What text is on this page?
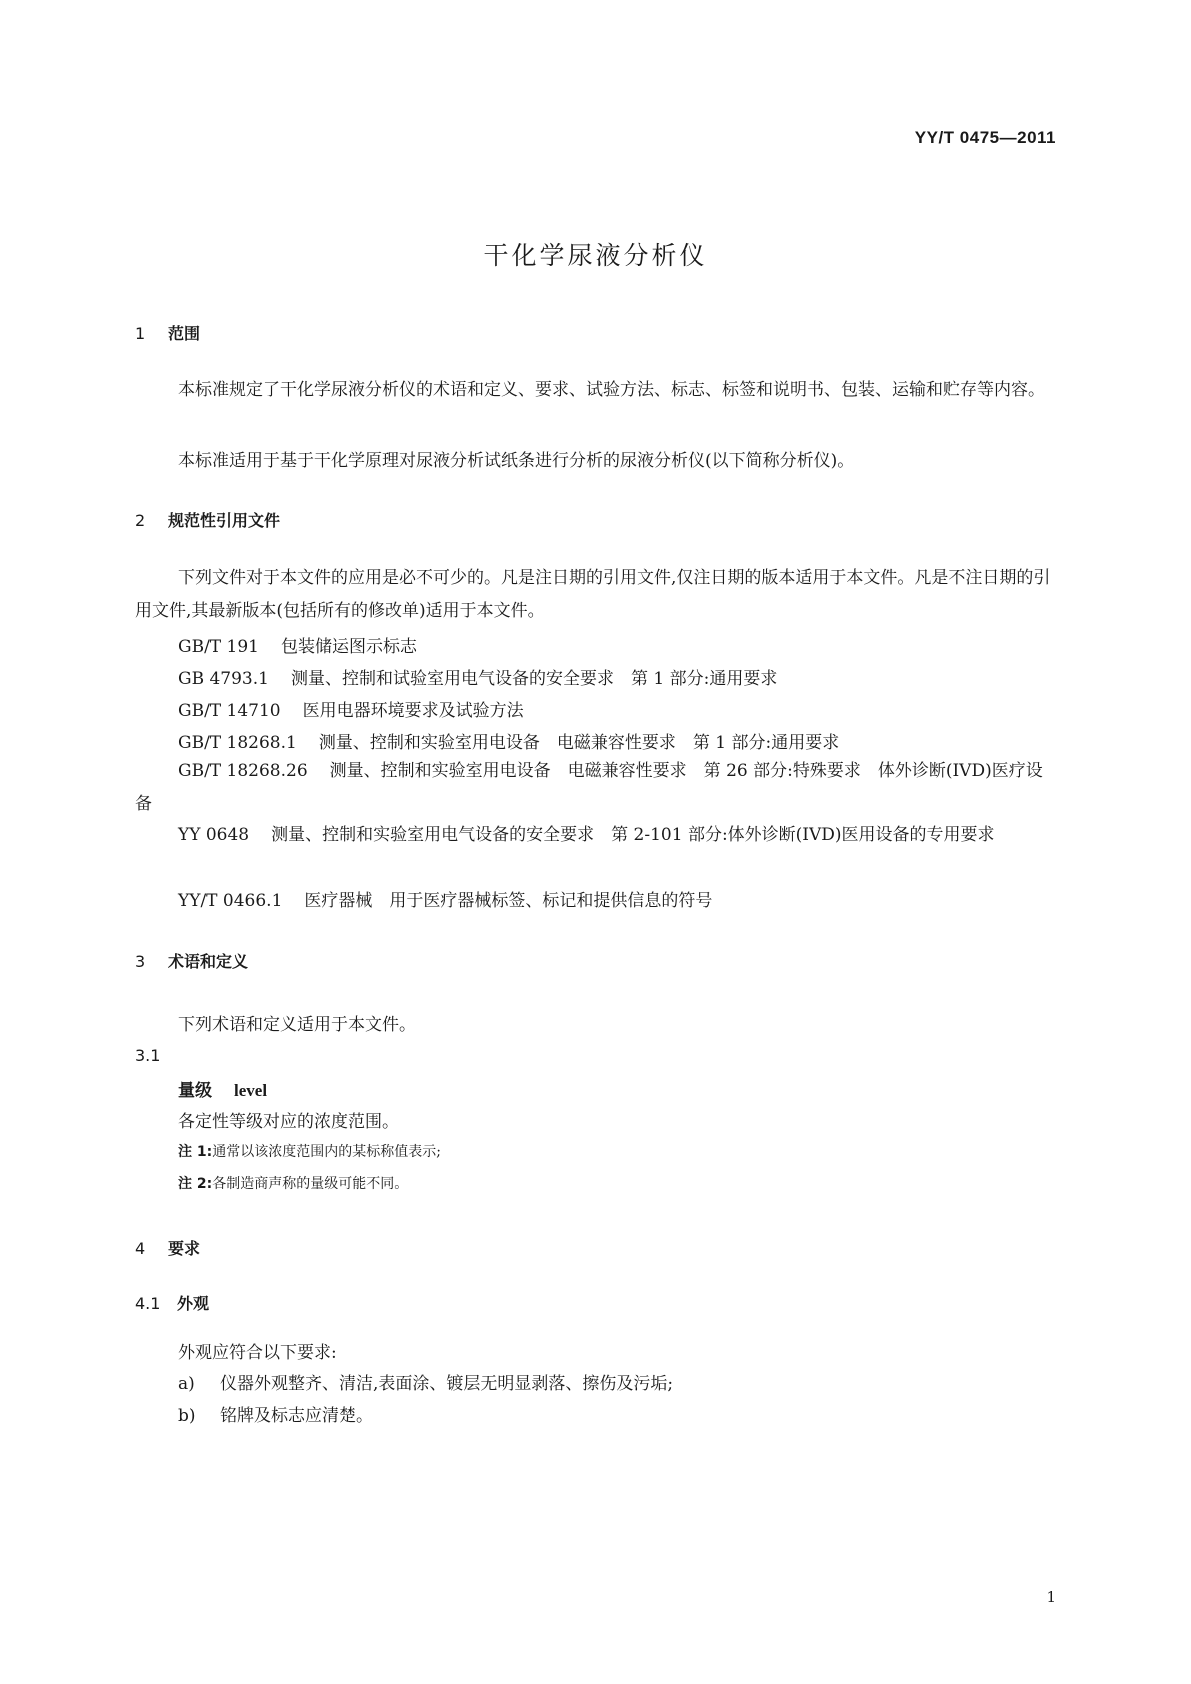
YY/T 0475—2011
干化学尿液分析仪
1 范围
本标准规定了干化学尿液分析仪的术语和定义、要求、试验方法、标志、标签和说明书、包装、运输和贮存等内容。
本标准适用于基于干化学原理对尿液分析试纸条进行分析的尿液分析仪(以下简称分析仪)。
2 规范性引用文件
下列文件对于本文件的应用是必不可少的。凡是注日期的引用文件,仅注日期的版本适用于本文件。凡是不注日期的引用文件,其最新版本(包括所有的修改单)适用于本文件。
GB/T 191 包装储运图示标志
GB 4793.1 测量、控制和试验室用电气设备的安全要求　第 1 部分:通用要求
GB/T 14710 医用电器环境要求及试验方法
GB/T 18268.1 测量、控制和实验室用电设备　电磁兼容性要求　第 1 部分:通用要求
GB/T 18268.26 测量、控制和实验室用电设备　电磁兼容性要求　第 26 部分:特殊要求　体外诊断(IVD)医疗设备
YY 0648 测量、控制和实验室用电气设备的安全要求　第 2-101 部分:体外诊断(IVD)医用设备的专用要求
YY/T 0466.1 医疗器械　用于医疗器械标签、标记和提供信息的符号
3 术语和定义
下列术语和定义适用于本文件。
3.1
量级 level
各定性等级对应的浓度范围。
注 1:通常以该浓度范围内的某标称值表示;
注 2:各制造商声称的量级可能不同。
4 要求
4.1 外观
外观应符合以下要求:
a) 仪器外观整齐、清洁,表面涂、镀层无明显剥落、擦伤及污垢;
b) 铭牌及标志应清楚。
1
